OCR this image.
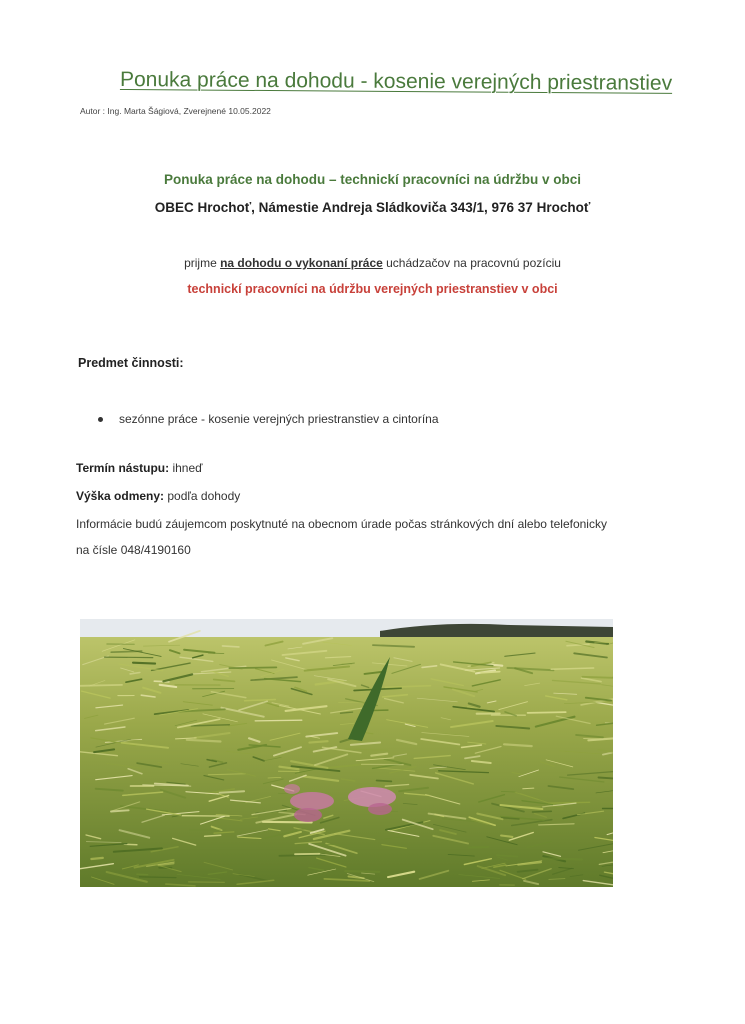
Ponuka práce na dohodu - kosenie verejných priestranstiev
Autor : Ing. Marta Šágiová, Zverejnené 10.05.2022
Ponuka práce na dohodu – technickí pracovníci na údržbu v obci
OBEC Hrochoť, Námestie Andreja Sládkoviča 343/1, 976 37 Hrochoť
prijme na dohodu o vykonaní práce uchádzačov na pracovnú pozíciu
technickí pracovníci na údržbu verejných priestranstiev v obci
Predmet činnosti:
sezónne práce - kosenie verejných priestranstiev a cintorína
Termín nástupu: ihneď
Výška odmeny: podľa dohody
Informácie budú záujemcom poskytnuté na obecnom úrade počas stránkových dní alebo telefonicky
na čísle 048/4190160
